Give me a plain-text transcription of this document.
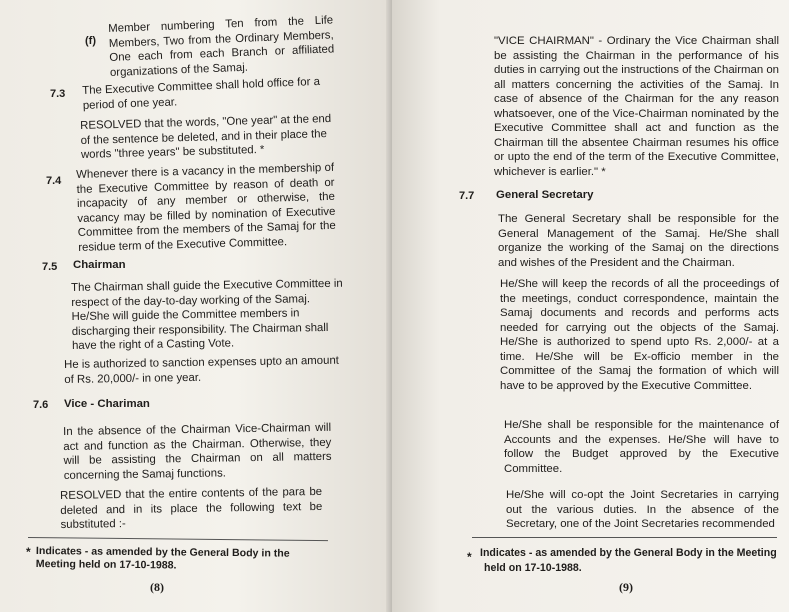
(f)

Member numbering Ten from the Life Members, Two from the Ordinary Members, One each from each Branch or affiliated organizations of the Samaj.

7.3 The Executive Committee shall hold office for a period of one year.

RESOLVED that the words, "One year" at the end of the sentence be deleted, and in their place the words "three years" be substituted. *

7.4

Whenever there is a vacancy in the membership of the Executive Committee by reason of death or incapacity of any member or otherwise, the vacancy may be filled by nomination of Executive Committee from the members of the Samaj for the residue term of the Executive Committee.

7.5 Chairman

The Chairman shall guide the Executive Committee in respect of the day-to-day working of the Samaj. He/She will guide the Committee members in discharging their responsibility. The Chairman shall have the right of a Casting Vote.

He is authorized to sanction expenses upto an amount of Rs. 20,000/- in one year.

7.6 Vice - Chariman

In the absence of the Chairman Vice-Chairman will act and function as the Chairman. Otherwise, they will be assisting the Chairman on all matters concerning the Samaj functions.

RESOLVED that the entire contents of the para be deleted and in its place the following text be substituted :-

* Indicates - as amended by the General Body in the Meeting held on 17-10-1988.

(8)

"VICE CHAIRMAN" - Ordinary the Vice Chairman shall be assisting the Chairman in the performance of his duties in carrying out the instructions of the Chairman on all matters concerning the activities of the Samaj. In case of absence of the Chairman for the any reason whatsoever, one of the Vice-Chairman nominated by the Executive Committee shall act and function as the Chairman till the absentee Chairman resumes his office or upto the end of the term of the Executive Committee, whichever is earlier." *

7.7 General Secretary

The General Secretary shall be responsible for the General Management of the Samaj. He/She shall organize the working of the Samaj on the directions and wishes of the President and the Chairman.

He/She will keep the records of all the proceedings of the meetings, conduct correspondence, maintain the Samaj documents and records and performs acts needed for carrying out the objects of the Samaj. He/She is authorized to spend upto Rs. 2,000/- at a time. He/She will be Ex-officio member in the Committee of the Samaj the formation of which will have to be approved by the Executive Committee.

He/She shall be responsible for the maintenance of Accounts and the expenses. He/She will have to follow the Budget approved by the Executive Committee.

He/She will co-opt the Joint Secretaries in carrying out the various duties. In the absence of the Secretary, one of the Joint Secretaries recommended

* Indicates - as amended by the General Body in the Meeting

held on 17-10-1988.

(9)
